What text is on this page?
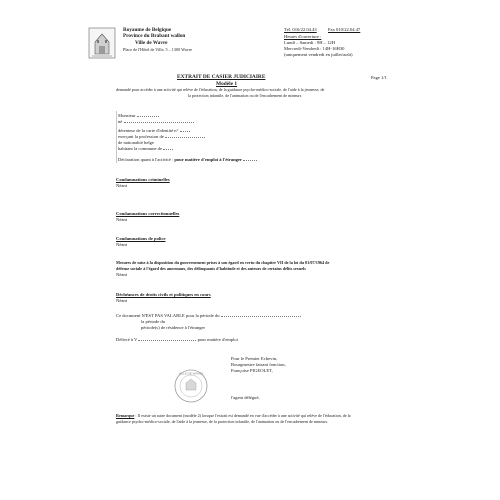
Royaume de Belgique
Province du Brabant wallon
Ville de Wavre
Place de l'Hôtel de Ville, 5 – 1300 Wavre
Tél. 010/22.04.43 Fax 010/22.04.47
Heures d'ouverture :
Lundi – Samedi : 9H – 12H
Mercredi-Vendredi : 14H-16H30
(uniquement vendredi en juillet/août)
EXTRAIT DE CASIER JUDICIAIRE
Modèle 1
Page 1/1
demandé pour accéder à une activité qui relève de l'éducation, de la guidance psycho-médico-sociale, de l'aide à la jeunesse, de
la protection infantile, de l'animation ou de l'encadrement de mineurs
Monsieur
né
détenteur de la carte d'identité n°
exerçant la profession de
de nationalité belge
habitant la commune de
Déclaration quant à l'activité : pour matière d'emploi à l'étranger
Condamnations criminelles
Néant
Condamnations correctionnelles
Néant
Condamnations de police
Néant
Mesures de mise à la disposition du gouvernement prises à son égard en vertu du chapitre VII de la loi du 01/07/1964 de
défense sociale à l'égard des anormaux, des délinquants d'habitude et des auteurs de certains délits sexuels
Néant
Déchéances de droits civils et politiques en cours
Néant
Ce document N'EST PAS VALABLE pour la période du
la période du
période(s) de résidence à l'étranger
Délivré à V	pour matière d'emploi
Pour le Premier Echevin,
Bourgmestre faisant fonction,
Françoise PIGEOLET,
VILLE DE WAVRE
l'agent délégué,
Remarque : Il existe un autre document (modèle 2) lorsque l'extrait est demandé en vue d'accéder à une activité qui relève de l'éducation, de la
guidance psycho-médico-sociale, de l'aide à la jeunesse, de la protection infantile, de l'animation ou de l'encadrement de mineurs.
